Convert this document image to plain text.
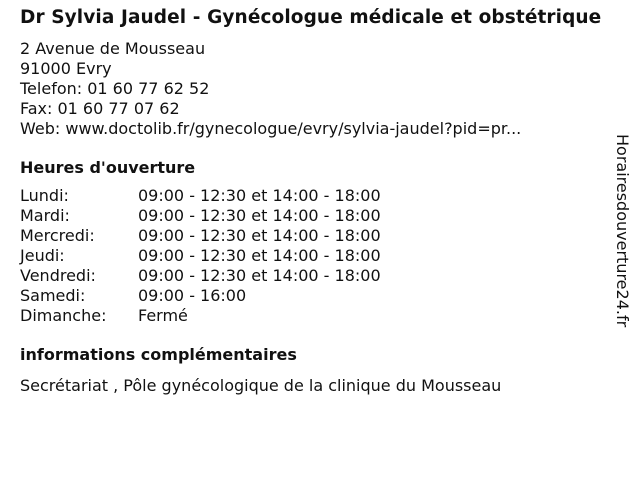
Dr Sylvia Jaudel - Gynécologue médicale et obstétrique
2 Avenue de Mousseau
91000 Evry
Telefon: 01 60 77 62 52
Fax: 01 60 77 07 62
Web: www.doctolib.fr/gynecologue/evry/sylvia-jaudel?pid=pr...
Heures d'ouverture
Lundi:	09:00 - 12:30 et 14:00 - 18:00
Mardi:	09:00 - 12:30 et 14:00 - 18:00
Mercredi:	09:00 - 12:30 et 14:00 - 18:00
Jeudi:	09:00 - 12:30 et 14:00 - 18:00
Vendredi:	09:00 - 12:30 et 14:00 - 18:00
Samedi:	09:00 - 16:00
Dimanche:	Fermé
informations complémentaires
Secrétariat , Pôle gynécologique de la clinique du Mousseau
Horairesdouverture24.fr
